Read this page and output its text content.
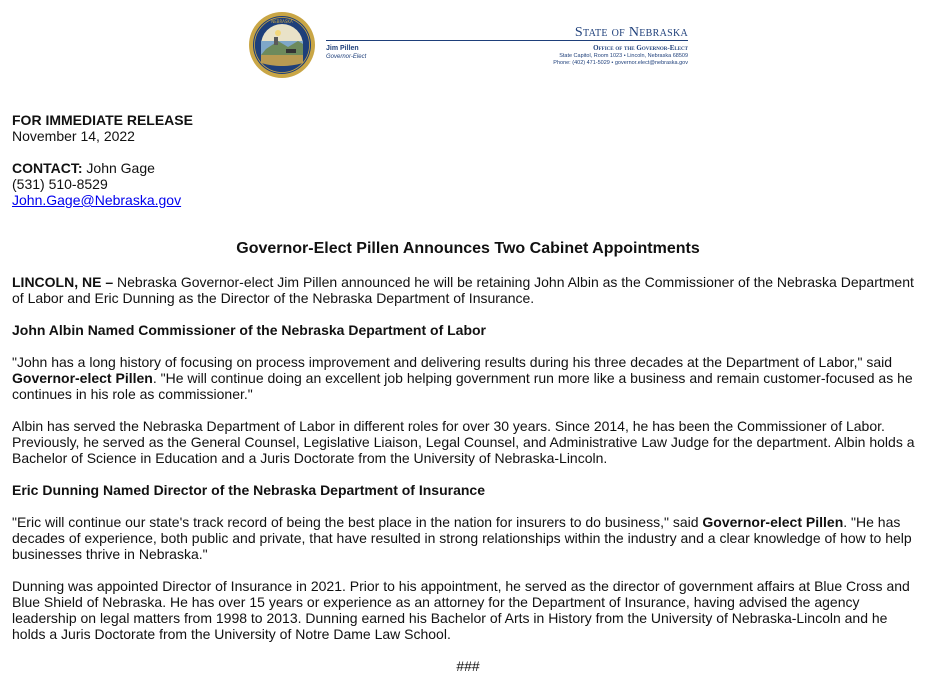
NEBRASKA
Jim Pillen
Governor-Elect
State of Nebraska
Office of the Governor-Elect
State Capitol, Room 1023 • Lincoln, Nebraska 68509
Phone: (402) 471-5029 • governor.elect@nebraska.gov
FOR IMMEDIATE RELEASE
November 14, 2022
CONTACT: John Gage
(531) 510-8529
John.Gage@Nebraska.gov
Governor-Elect Pillen Announces Two Cabinet Appointments

LINCOLN, NE – Nebraska Governor-elect Jim Pillen announced he will be retaining John Albin as the Commissioner of the Nebraska Department of Labor and Eric Dunning as the Director of the Nebraska Department of Insurance.

John Albin Named Commissioner of the Nebraska Department of Labor

"John has a long history of focusing on process improvement and delivering results during his three decades at the Department of Labor," said Governor-elect Pillen. "He will continue doing an excellent job helping government run more like a business and remain customer-focused as he continues in his role as commissioner."

Albin has served the Nebraska Department of Labor in different roles for over 30 years. Since 2014, he has been the Commissioner of Labor. Previously, he served as the General Counsel, Legislative Liaison, Legal Counsel, and Administrative Law Judge for the department. Albin holds a Bachelor of Science in Education and a Juris Doctorate from the University of Nebraska-Lincoln.

Eric Dunning Named Director of the Nebraska Department of Insurance

"Eric will continue our state's track record of being the best place in the nation for insurers to do business," said Governor-elect Pillen. "He has decades of experience, both public and private, that have resulted in strong relationships within the industry and a clear knowledge of how to help businesses thrive in Nebraska."

Dunning was appointed Director of Insurance in 2021. Prior to his appointment, he served as the director of government affairs at Blue Cross and Blue Shield of Nebraska. He has over 15 years or experience as an attorney for the Department of Insurance, having advised the agency leadership on legal matters from 1998 to 2013. Dunning earned his Bachelor of Arts in History from the University of Nebraska-Lincoln and he holds a Juris Doctorate from the University of Notre Dame Law School.

###
